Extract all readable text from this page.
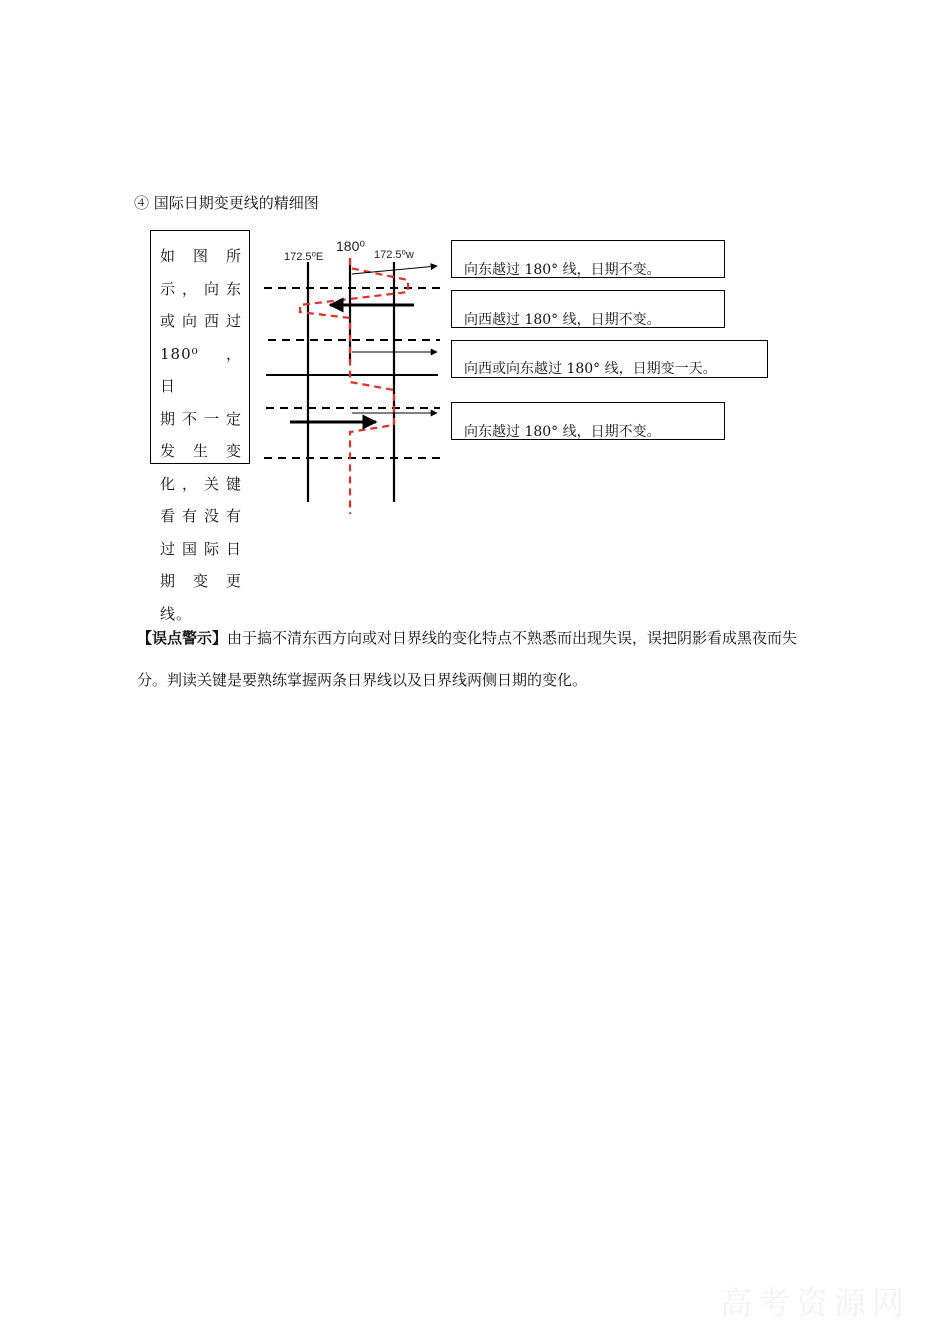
④ 国际日期变更线的精细图
如 图 所
示，向东
或向西过
180⁰ ， 日
期不一定
发 生 变
化，关键
看有没有
过国际日
期 变 更
线。
180⁰
172.5⁰E	172.5⁰w
向东越过 180° 线，日期不变。
向西越过 180° 线，日期不变。
向西或向东越过 180° 线，日期变一天。
向东越过 180° 线，日期不变。
【误点警示】由于搞不清东西方向或对日界线的变化特点不熟悉而出现失误，误把阴影看成黑夜而失分。判读关键是要熟练掌握两条日界线以及日界线两侧日期的变化。
高考资源网
